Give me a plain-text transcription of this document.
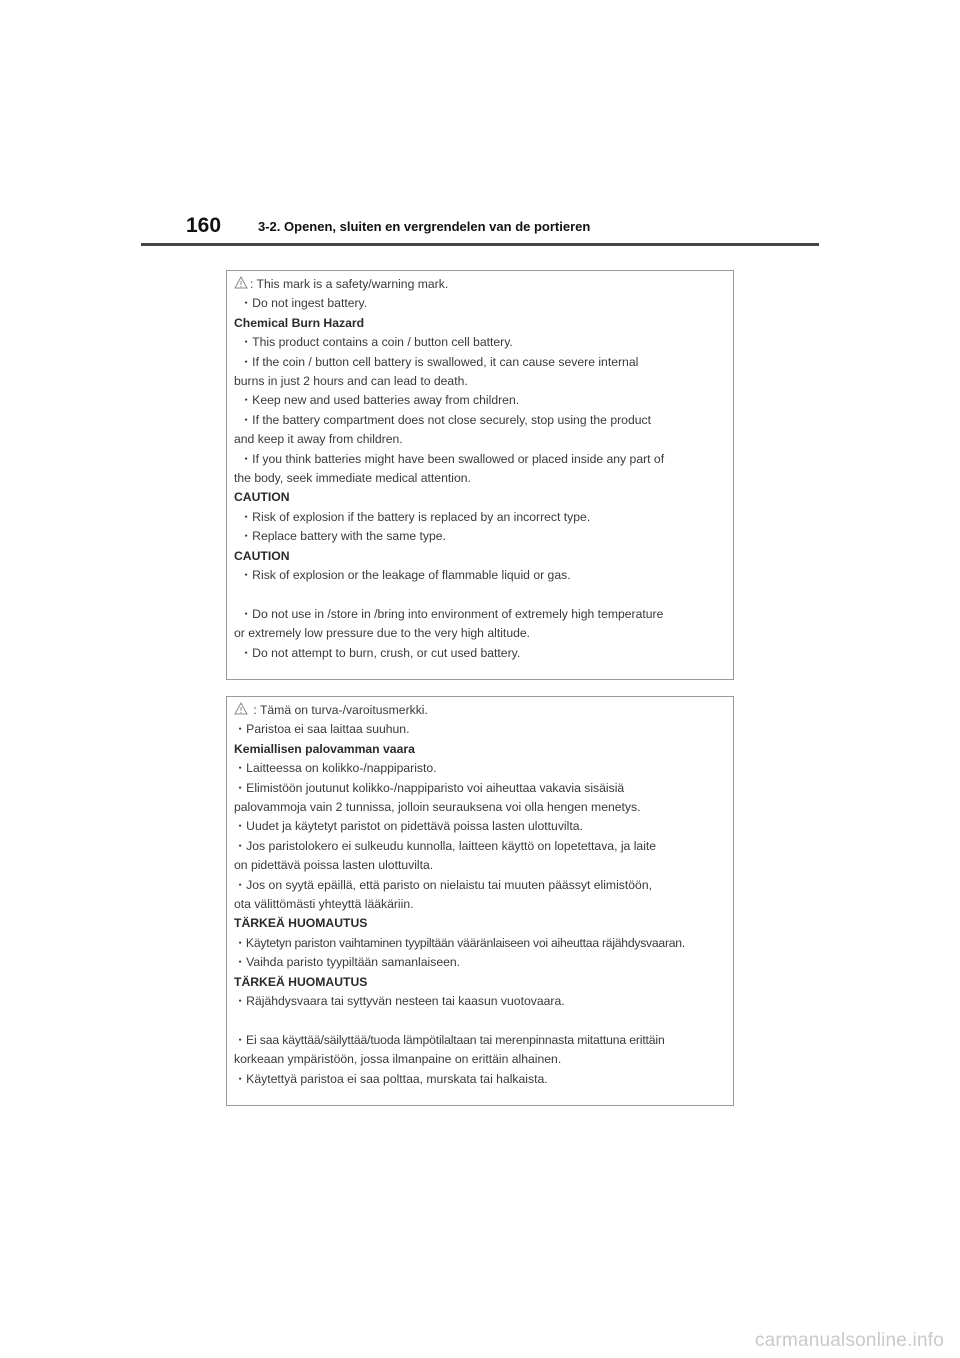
160	3-2. Openen, sluiten en vergrendelen van de portieren
: This mark is a safety/warning mark.
・Do not ingest battery.
Chemical Burn Hazard
・This product contains a coin / button cell battery.
・If the coin / button cell battery is swallowed, it can cause severe internal
burns in just 2 hours and can lead to death.
・Keep new and used batteries away from children.
・If the battery compartment does not close securely, stop using the product
and keep it away from children.
・If you think batteries might have been swallowed or placed inside any part of
the body, seek immediate medical attention.
CAUTION
・Risk of explosion if the battery is replaced by an incorrect type.
・Replace battery with the same type.
CAUTION
・Risk of explosion or the leakage of flammable liquid or gas.
・Do not use in /store in /bring into environment of extremely high temperature
or extremely low pressure due to the very high altitude.
・Do not attempt to burn, crush, or cut used battery.
: Tämä on turva-/varoitusmerkki.
・Paristoa ei saa laittaa suuhun.
Kemiallisen palovamman vaara
・Laitteessa on kolikko-/nappiparisto.
・Elimistöön joutunut kolikko-/nappiparisto voi aiheuttaa vakavia sisäisiä
palovammoja vain 2 tunnissa, jolloin seurauksena voi olla hengen menetys.
・Uudet ja käytetyt paristot on pidettävä poissa lasten ulottuvilta.
・Jos paristolokero ei sulkeudu kunnolla, laitteen käyttö on lopetettava, ja laite
on pidettävä poissa lasten ulottuvilta.
・Jos on syytä epäillä, että paristo on nielaistu tai muuten päässyt elimistöön,
ota välittömästi yhteyttä lääkäriin.
TÄRKEÄ HUOMAUTUS
・Käytetyn pariston vaihtaminen tyypiltään vääränlaiseen voi aiheuttaa räjähdysvaaran.
・Vaihda paristo tyypiltään samanlaiseen.
TÄRKEÄ HUOMAUTUS
・Räjähdysvaara tai syttyvän nesteen tai kaasun vuotovaara.
・Ei saa käyttää/säilyttää/tuoda lämpötilaltaan tai merenpinnasta mitattuna erittäin
korkeaan ympäristöön, jossa ilmanpaine on erittäin alhainen.
・Käytettyä paristoa ei saa polttaa, murskata tai halkaista.
carmanualsonline.info
